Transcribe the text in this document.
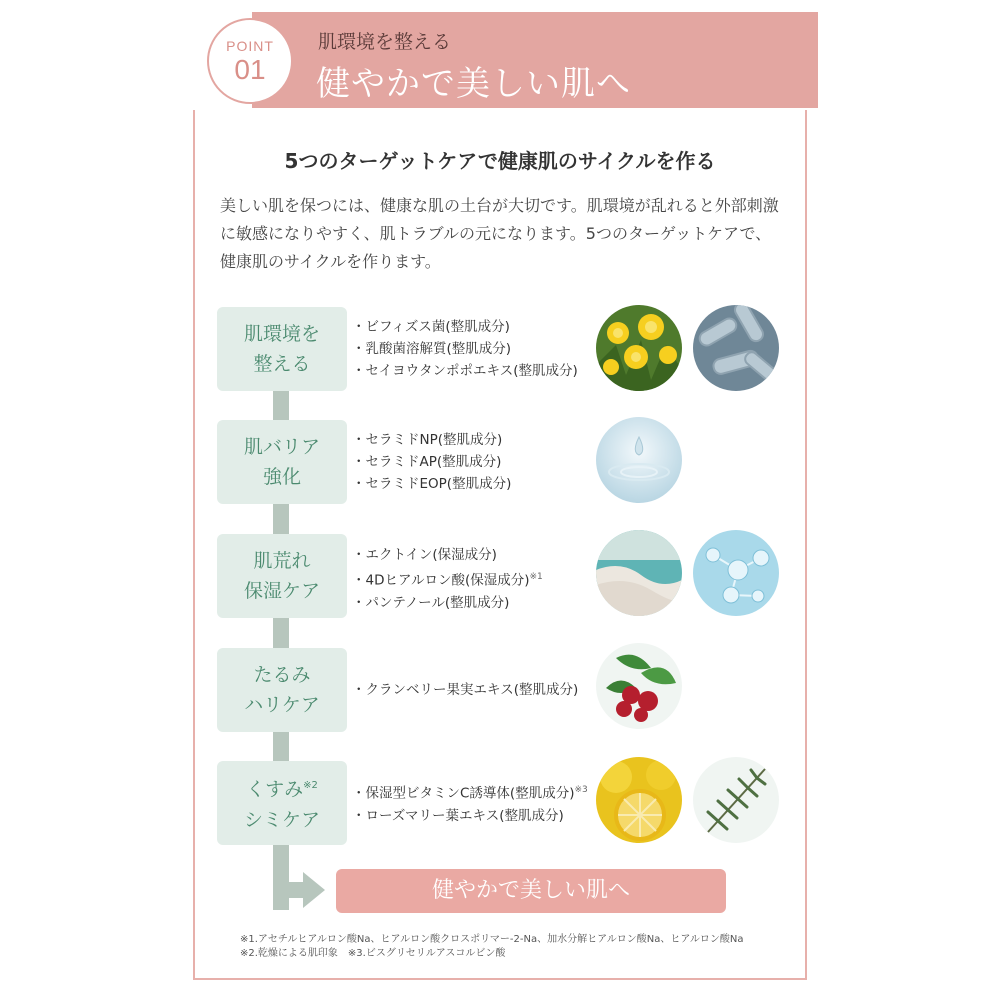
POINT
01
肌環境を整える
健やかで美しい肌へ
5つのターゲットケアで健康肌のサイクルを作る
美しい肌を保つには、健康な肌の土台が大切です。肌環境が乱れると外部刺激に敏感になりやすく、肌トラブルの元になります。5つのターゲットケアで、健康肌のサイクルを作ります。
肌環境を
整える
・ビフィズス菌(整肌成分)
・乳酸菌溶解質(整肌成分)
・セイヨウタンポポエキス(整肌成分)
肌バリア
強化
・セラミドNP(整肌成分)
・セラミドAP(整肌成分)
・セラミドEOP(整肌成分)
肌荒れ
保湿ケア
・エクトイン(保湿成分)
・4Dヒアルロン酸(保湿成分)$^{※1}$
・パンテノール(整肌成分)
たるみ
ハリケア
・クランベリー果実エキス(整肌成分)
くすみ$^{※2}$
シミケア
・保湿型ビタミンC誘導体(整肌成分)$^{※3}$
・ローズマリー葉エキス(整肌成分)
健やかで美しい肌へ
※1.アセチルヒアルロン酸Na、ヒアルロン酸クロスポリマー-2-Na、加水分解ヒアルロン酸Na、ヒアルロン酸Na
※2.乾燥による肌印象　※3.ビスグリセリルアスコルビン酸
